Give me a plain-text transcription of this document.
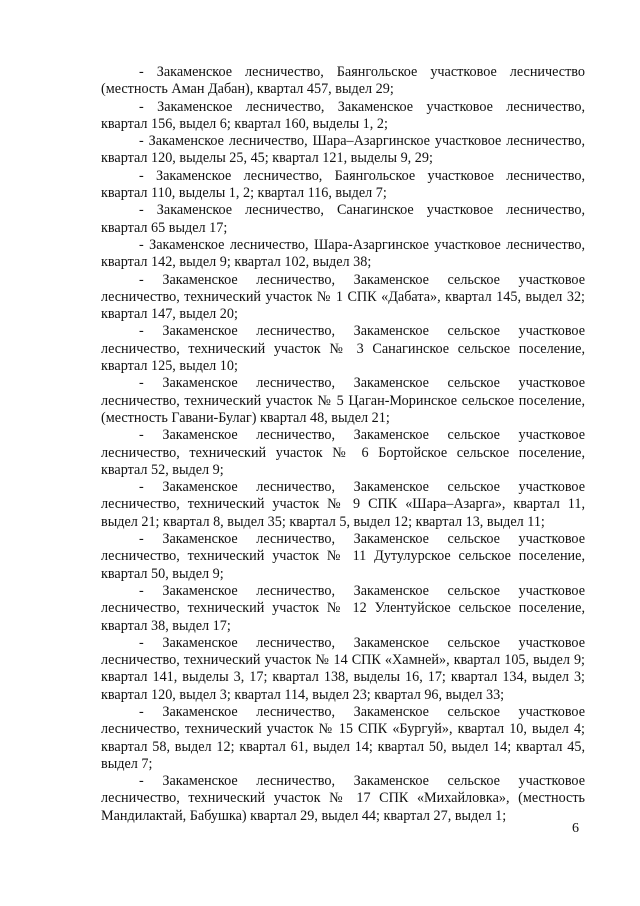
- Закаменское лесничество, Баянгольское участковое лесничество (местность Аман Дабан), квартал 457, выдел 29;

- Закаменское лесничество, Закаменское участковое лесничество, квартал 156, выдел 6; квартал 160, выделы 1, 2;

- Закаменское лесничество, Шара–Азаргинское участковое лесничество, квартал 120, выделы 25, 45; квартал 121, выделы 9, 29;

- Закаменское лесничество, Баянгольское участковое лесничество, квартал 110, выделы 1, 2; квартал 116, выдел 7;

- Закаменское лесничество, Санагинское участковое лесничество, квартал 65 выдел 17;

- Закаменское лесничество, Шара-Азаргинское участковое лесничество, квартал 142, выдел 9; квартал 102, выдел 38;

- Закаменское лесничество, Закаменское сельское участковое лесничество, технический участок № 1 СПК «Дабата», квартал 145, выдел 32; квартал 147, выдел 20;

- Закаменское лесничество, Закаменское сельское участковое лесничество, технический участок № 3 Санагинское сельское поселение, квартал 125, выдел 10;

- Закаменское лесничество, Закаменское сельское участковое лесничество, технический участок № 5 Цаган-Моринское сельское поселение, (местность Гавани-Булаг) квартал 48, выдел 21;

- Закаменское лесничество, Закаменское сельское участковое лесничество, технический участок № 6 Бортойское сельское поселение, квартал 52, выдел 9;

- Закаменское лесничество, Закаменское сельское участковое лесничество, технический участок № 9 СПК «Шара–Азарга», квартал 11, выдел 21; квартал 8, выдел 35; квартал 5, выдел 12; квартал 13, выдел 11;

- Закаменское лесничество, Закаменское сельское участковое лесничество, технический участок № 11 Дутулурское сельское поселение, квартал 50, выдел 9;

- Закаменское лесничество, Закаменское сельское участковое лесничество, технический участок № 12 Улентуйское сельское поселение, квартал 38, выдел 17;

- Закаменское лесничество, Закаменское сельское участковое лесничество, технический участок № 14 СПК «Хамней», квартал 105, выдел 9; квартал 141, выделы 3, 17; квартал 138, выделы 16, 17; квартал 134, выдел 3; квартал 120, выдел 3; квартал 114, выдел 23; квартал 96, выдел 33;

- Закаменское лесничество, Закаменское сельское участковое лесничество, технический участок № 15 СПК «Бургуй», квартал 10, выдел 4; квартал 58, выдел 12; квартал 61, выдел 14; квартал 50, выдел 14; квартал 45, выдел 7;

- Закаменское лесничество, Закаменское сельское участковое лесничество, технический участок № 17 СПК «Михайловка», (местность Мандилактай, Бабушка) квартал 29, выдел 44; квартал 27, выдел 1;

6
